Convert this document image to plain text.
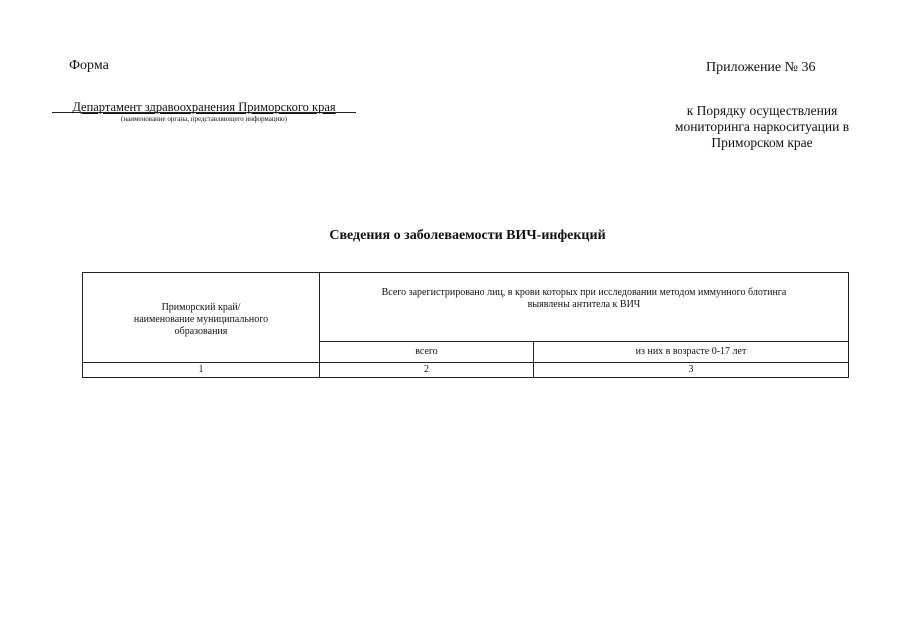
Форма	Приложение № 36
Департамент здравоохранения Приморского края
(наименование органа, представляющего информацию)
к Порядку осуществления
мониторинга наркоситуации в
Приморском крае
Сведения о заболеваемости ВИЧ-инфекций
Приморский край/
наименование муниципального
образования	Всего зарегистрировано лиц, в крови которых при исследовании методом иммунного блотинга
выявлены антитела к ВИЧ	

	всего	из них в возрасте 0-17 лет
1	2	3
